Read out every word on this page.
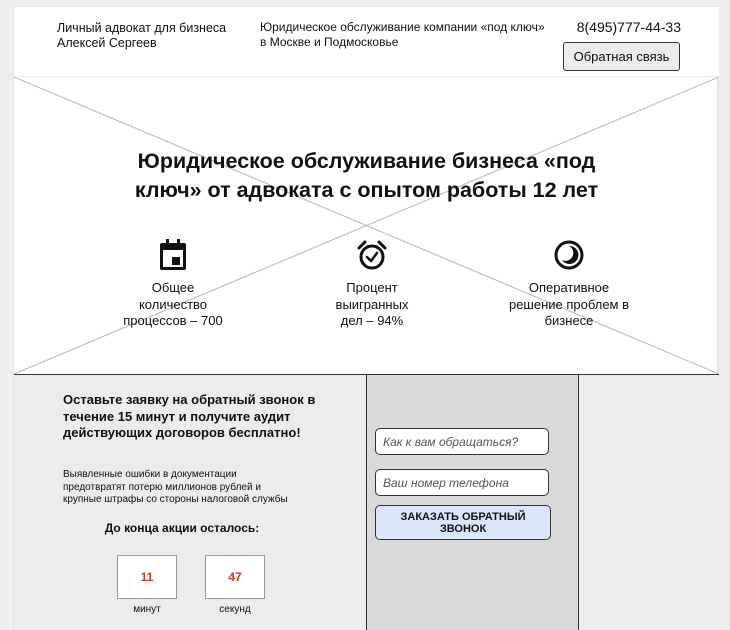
Личный адвокат для бизнеса
Алексей Сергеев
Юридическое обслуживание компании «под ключ»
в Москве и Подмосковье
8(495)777-44-33
Обратная связь
Юридическое обслуживание бизнеса «под
ключ» от адвоката с опытом работы 12 лет
Общее
количество
процессов – 700
Процент
выигранных
дел – 94%
Оперативное
решение проблем в
бизнесе
Оставьте заявку на обратный звонок в
течение 15 минут и получите аудит
действующих договоров бесплатно!
Выявленные ошибки в документации
предотвратят потерю миллионов рублей и
крупные штрафы со стороны налоговой службы
До конца акции осталось:
11
минут
47
секунд
Как к вам обращаться?
Ваш номер телефона
ЗАКАЗАТЬ ОБРАТНЫЙ ЗВОНОК
